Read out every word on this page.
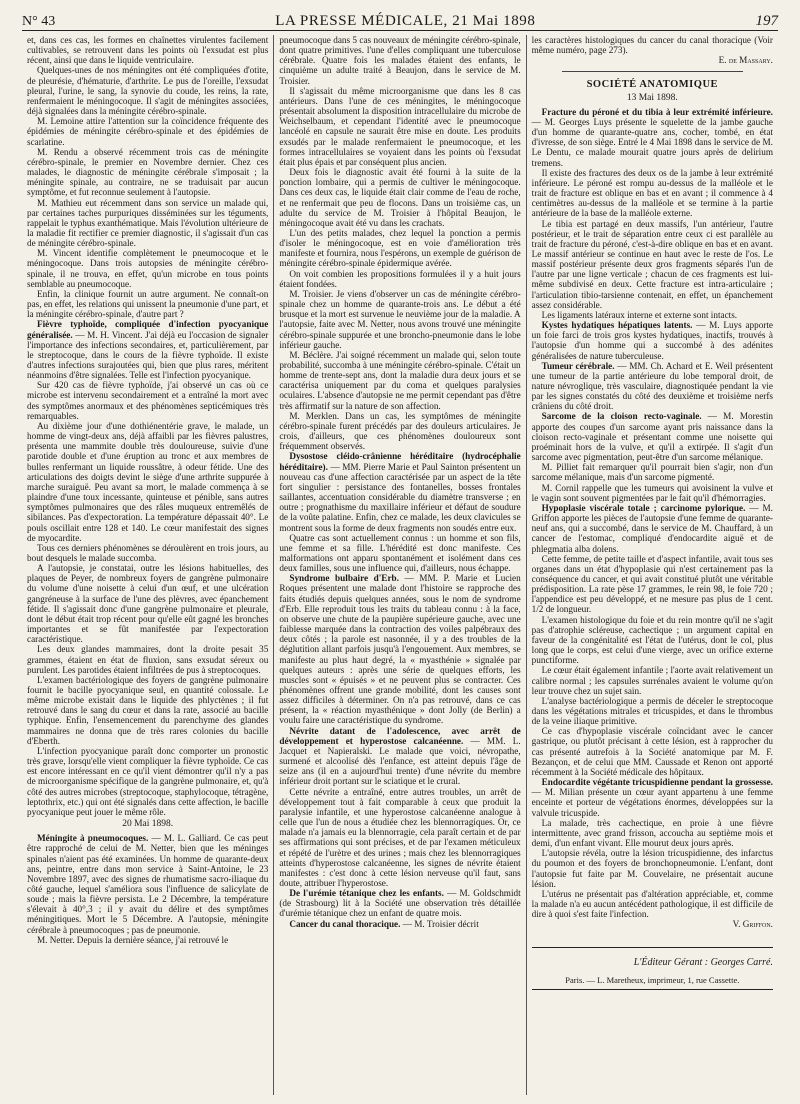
N° 43	LA PRESSE MÉDICALE, 21 Mai 1898	197

et, dans ces cas, les formes en chaînettes virulentes facilement cultivables, se retrouvent dans les points où l'exsudat est plus récent, ainsi que dans le liquide ventriculaire.

Quelques-unes de nos méningites ont été compliquées d'otite, de pleurésie, d'hématurie, d'arthrite. Le pus de l'oreille, l'exsudat pleural, l'urine, le sang, la synovie du coude, les reins, la rate, renfermaient le méningocoque. Il s'agit de méningites associées, déjà signalées dans la méningite cérébro-spinale.

M. Lemoine attire l'attention sur la coïncidence fréquente des épidémies de méningite cérébro-spinale et des épidémies de scarlatine.

M. Rendu a observé récemment trois cas de méningite cérébro-spinale, le premier en Novembre dernier. Chez ces malades, le diagnostic de méningite cérébrale s'imposait ; la méningite spinale, au contraire, ne se traduisait par aucun symptôme, et fut reconnue seulement à l'autopsie.

M. Mathieu eut récemment dans son service un malade qui, par certaines taches purpuriques disséminées sur les téguments, rappelait le typhus exanthématique. Mais l'évolution ultérieure de la maladie fit rectifier ce premier diagnostic, il s'agissait d'un cas de méningite cérébro-spinale.

M. Vincent identifie complètement le pneumocoque et le méningocoque. Dans trois autopsies de méningite cérébro-spinale, il ne trouva, en effet, qu'un microbe en tous points semblable au pneumocoque.

Enfin, la clinique fournit un autre argument. Ne connaît-on pas, en effet, les relations qui unissent la pneumonie d'une part, et la méningite cérébro-spinale, d'autre part ?

Fièvre typhoïde, compliquée d'infection pyocyanique généralisée. — M. H. Vincent. J'ai déjà eu l'occasion de signaler l'importance des infections secondaires, et, particulièrement, par le streptocoque, dans le cours de la fièvre typhoïde. Il existe d'autres infections surajoutées qui, bien que plus rares, méritent néanmoins d'être signalées. Telle est l'infection pyocyanique.

Sur 420 cas de fièvre typhoïde, j'ai observé un cas où ce microbe est intervenu secondairement et a entraîné la mort avec des symptômes anormaux et des phénomènes septicémiques très remarquables.

Au dixième jour d'une dothiénentérie grave, le malade, un homme de vingt-deux ans, déjà affaibli par les fièvres palustres, présenta une mammite double très douloureuse, suivie d'une parotide double et d'une éruption au tronc et aux membres de bulles renfermant un liquide roussâtre, à odeur fétide. Une des articulations des doigts devint le siège d'une arthrite suppurée à marche suraiguë. Peu avant sa mort, le malade commença à se plaindre d'une toux incessante, quinteuse et pénible, sans autres symptômes pulmonaires que des râles muqueux entremêlés de sibilances. Pas d'expectoration. La température dépassait 40°. Le pouls oscillait entre 128 et 140. Le cœur manifestait des signes de myocardite.

Tous ces derniers phénomènes se déroulèrent en trois jours, au bout desquels le malade succomba.

A l'autopsie, je constatai, outre les lésions habituelles, des plaques de Peyer, de nombreux foyers de gangrène pulmonaire du volume d'une noisette à celui d'un œuf, et une ulcération gangréneuse à la surface de l'une des plèvres, avec épanchement fétide. Il s'agissait donc d'une gangrène pulmonaire et pleurale, dont le début était trop récent pour qu'elle eût gagné les bronches importantes et se fût manifestée par l'expectoration caractéristique.

Les deux glandes mammaires, dont la droite pesait 35 grammes, étaient en état de fluxion, sans exsudat séreux ou purulent. Les parotides étaient infiltrées de pus à streptocoques.

L'examen bactériologique des foyers de gangrène pulmonaire fournit le bacille pyocyanique seul, en quantité colossale. Le même microbe existait dans le liquide des phlyctènes ; il fut retrouvé dans le sang du cœur et dans la rate, associé au bacille typhique. Enfin, l'ensemencement du parenchyme des glandes mammaires ne donna que de très rares colonies du bacille d'Eberth.

L'infection pyocyanique paraît donc comporter un pronostic très grave, lorsqu'elle vient compliquer la fièvre typhoïde. Ce cas est encore intéressant en ce qu'il vient démontrer qu'il n'y a pas de microorganisme spécifique de la gangrène pulmonaire, et, qu'à côté des autres microbes (streptocoque, staphylocoque, tétragène, leptothrix, etc.) qui ont été signalés dans cette affection, le bacille pyocyanique peut jouer le même rôle.

20 Mai 1898.

Méningite à pneumocoques. — M. L. Galliard. Ce cas peut être rapproché de celui de M. Netter, bien que les méninges spinales n'aient pas été examinées. Un homme de quarante-deux ans, peintre, entre dans mon service à Saint-Antoine, le 23 Novembre 1897, avec des signes de rhumatisme sacro-iliaque du côté gauche, lequel s'améliora sous l'influence de salicylate de soude ; mais la fièvre persista. Le 2 Décembre, la température s'élevait à 40°,3 ; il y avait du délire et des symptômes méningitiques. Mort le 5 Décembre. A l'autopsie, méningite cérébrale à pneumocoques ; pas de pneumonie.

M. Netter. Depuis la dernière séance, j'ai retrouvé le

pneumocoque dans 5 cas nouveaux de méningite cérébro-spinale, dont quatre primitives. l'une d'elles compliquant une tuberculose cérébrale. Quatre fois les malades étaient des enfants, le cinquième un adulte traité à Beaujon, dans le service de M. Troisier.

Il s'agissait du même microorganisme que dans les 8 cas antérieurs. Dans l'une de ces méningites, le méningocoque présentait absolument la disposition intracellulaire du microbe de Weichselbaum, et cependant l'identité avec le pneumocoque lancéolé en capsule ne saurait être mise en doute. Les produits exsudés par le malade renfermaient le pneumocoque, et les formes intracellulaires se voyaient dans les points où l'exsudat était plus épais et par conséquent plus ancien.

Deux fois le diagnostic avait été fourni à la suite de la ponction lombaire, qui a permis de cultiver le méningocoque. Dans ces deux cas, le liquide était clair comme de l'eau de roche, et ne renfermait que peu de flocons. Dans un troisième cas, un adulte du service de M. Troisier à l'hôpital Beaujon, le méningocoque avait été vu dans les crachats.

L'un des petits malades, chez lequel la ponction a permis d'isoler le méningocoque, est en voie d'amélioration très manifeste et fournira, nous l'espérons, un exemple de guérison de méningite cérébro-spinale épidermique avérée.

On voit combien les propositions formulées il y a huit jours étaient fondées.

M. Troisier. Je viens d'observer un cas de méningite cérébro-spinale chez un homme de quarante-trois ans. Le début a été brusque et la mort est survenue le neuvième jour de la maladie. A l'autopsie, faite avec M. Netter, nous avons trouvé une méningite cérébro-spinale suppurée et une broncho-pneumonie dans le lobe inférieur gauche.

M. Béclère. J'ai soigné récemment un malade qui, selon toute probabilité, succomba à une méningite cérébro-spinale. C'était un homme de trente-sept ans, dont la maladie dura deux jours et se caractérisa uniquement par du coma et quelques paralysies oculaires. L'absence d'autopsie ne me permit cependant pas d'être très affirmatif sur la nature de son affection.

M. Merklen. Dans un cas, les symptômes de méningite cérébro-spinale furent précédés par des douleurs articulaires. Je crois, d'ailleurs, que ces phénomènes douloureux sont fréquemment observés.

Dysostose cléido-crânienne héréditaire (hydrocéphalie héréditaire). — MM. Pierre Marie et Paul Sainton présentent un nouveau cas d'une affection caractérisée par un aspect de la tête fort singulier : persistance des fontanelles, bosses frontales saillantes, accentuation considérable du diamètre transverse ; en outre ; prognathisme du maxillaire inférieur et défaut de soudure de la voûte palatine. Enfin, chez ce malade, les deux clavicules se montrent sous la forme de deux fragments non soudés entre eux.

Quatre cas sont actuellement connus : un homme et son fils, une femme et sa fille. L'hérédité est donc manifeste. Ces malformations ont apparu spontanément et isolément dans ces deux familles, sous une influence qui, d'ailleurs, nous échappe.

Syndrome bulbaire d'Erb. — MM. P. Marie et Lucien Roques présentent une malade dont l'histoire se rapproche des faits étudiés depuis quelques années, sous le nom de syndrome d'Erb. Elle reproduit tous les traits du tableau connu : à la face, on observe une chute de la paupière supérieure gauche, avec une faiblesse marquée dans la contraction des voiles palpébraux des deux côtés ; la parole est nasonnée, il y a des troubles de la déglutition allant parfois jusqu'à l'engouement. Aux membres, se manifeste au plus haut degré, la « myasthénie » signalée par quelques auteurs : après une série de quelques efforts, les muscles sont « épuisés » et ne peuvent plus se contracter. Ces phénomènes offrent une grande mobilité, dont les causes sont assez difficiles à déterminer. On n'a pas retrouvé, dans ce cas présent, la « réaction myasthénique » dont Jolly (de Berlin) a voulu faire une caractéristique du syndrome.

Névrite datant de l'adolescence, avec arrêt de développement et hyperostose calcanéenne. — MM. L. Jacquet et Napieralski. Le malade que voici, névropathe, surmené et alcoolisé dès l'enfance, est atteint depuis l'âge de seize ans (il en a aujourd'hui trente) d'une névrite du membre inférieur droit portant sur le sciatique et le crural.

Cette névrite a entraîné, entre autres troubles, un arrêt de développement tout à fait comparable à ceux que produit la paralysie infantile, et une hyperostose calcanéenne analogue à celle que l'un de nous a étudiée chez les blennorragiques. Or, ce malade n'a jamais eu la blennorragie, cela paraît certain et de par ses affirmations qui sont précises, et de par l'examen méticuleux et répété de l'urètre et des urines ; mais chez les blennorragiques atteints d'hyperostose calcanéenne, les signes de névrite étaient manifestes : c'est donc à cette lésion nerveuse qu'il faut, sans doute, attribuer l'hyperostose.

De l'urémie tétanique chez les enfants. — M. Goldschmidt (de Strasbourg) lit à la Société une observation très détaillée d'urémie tétanique chez un enfant de quatre mois.

Cancer du canal thoracique. — M. Troisier décrit

les caractères histologiques du cancer du canal thoracique (Voir même numéro, page 273).

E. de Massary.

SOCIÉTÉ ANATOMIQUE
13 Mai 1898.

Fracture du péroné et du tibia à leur extrémité inférieure. — M. Georges Luys présente le squelette de la jambe gauche d'un homme de quarante-quatre ans, cocher, tombé, en état d'ivresse, de son siège. Entré le 4 Mai 1898 dans le service de M. Le Dentu, ce malade mourait quatre jours après de delirium tremens.

Il existe des fractures des deux os de la jambe à leur extrémité inférieure. Le péroné est rompu au-dessus de la malléole et le trait de fracture est oblique en bas et en avant ; il commence à 4 centimètres au-dessus de la malléole et se termine à la partie antérieure de la base de la malléole externe.

Le tibia est partagé en deux massifs, l'un antérieur, l'autre postérieur, et le trait de séparation entre ceux ci est parallèle au trait de fracture du péroné, c'est-à-dire oblique en bas et en avant. Le massif antérieur se continue en haut avec le reste de l'os. Le massif postérieur présente deux gros fragments séparés l'un de l'autre par une ligne verticale ; chacun de ces fragments est lui-même subdivisé en deux. Cette fracture est intra-articulaire ; l'articulation tibio-tarsienne contenait, en effet, un épanchement assez considérable.

Les ligaments latéraux interne et externe sont intacts.

Kystes hydatiques hépatiques latents. — M. Luys apporte un foie farci de trois gros kystes hydatiques, inactifs, trouvés à l'autopsie d'un homme qui a succombé à des adénites généralisées de nature tuberculeuse.

Tumeur cérébrale. — MM. Ch. Achard et E. Weil présentent une tumeur de la partie antérieure du lobe temporal droit, de nature névroglique, très vasculaire, diagnostiquée pendant la vie par les signes constatés du côté des deuxième et troisième nerfs crâniens du côté droit.

Sarcome de la cloison recto-vaginale. — M. Morestin apporte des coupes d'un sarcome ayant pris naissance dans la cloison recto-vaginale et présentant comme une noisette qui proéminait hors de la vulve, et qu'il a extirpée. Il s'agit d'un sarcome avec pigmentation, peut-être d'un sarcome mélanique.

M. Pilliet fait remarquer qu'il pourrait bien s'agir, non d'un sarcome mélanique, mais d'un sarcome pigmenté.

M. Cornil rappelle que les tumeurs qui avoisinent la vulve et le vagin sont souvent pigmentées par le fait qu'il d'hémorragies.

Hypoplasie viscérale totale ; carcinome pylorique. — M. Griffon apporte les pièces de l'autopsie d'une femme de quarante-neuf ans, qui a succombé, dans le service de M. Chauffard, à un cancer de l'estomac, compliqué d'endocardite aiguë et de phlegmatia alba dolens.

Cette femme, de petite taille et d'aspect infantile, avait tous ses organes dans un état d'hypoplasie qui n'est certainement pas la conséquence du cancer, et qui avait constitué plutôt une véritable prédisposition. La rate pèse 17 grammes, le rein 98, le foie 720 ; l'appendice est peu développé, et ne mesure pas plus de 1 cent. 1/2 de longueur.

L'examen histologique du foie et du rein montre qu'il ne s'agit pas d'atrophie scléreuse, cachectique ; un argument capital en faveur de la congénitalité est l'état de l'utérus, dont le col, plus long que le corps, est celui d'une vierge, avec un orifice externe punctiforme.

Le cœur était également infantile ; l'aorte avait relativement un calibre normal ; les capsules surrénales avaient le volume qu'on leur trouve chez un sujet sain.

L'analyse bactériologique a permis de déceler le streptocoque dans les végétations mitrales et tricuspides, et dans le thrombus de la veine iliaque primitive.

Ce cas d'hypoplasie viscérale coïncidant avec le cancer gastrique, ou plutôt précisant à cette lésion, est à rapprocher du cas présenté autrefois à la Société anatomique par M. F. Bezançon, et de celui que MM. Caussade et Renon ont apporté récemment à la Société médicale des hôpitaux.

Endocardite végétante tricuspidienne pendant la grossesse. — M. Milian présente un cœur ayant appartenu à une femme enceinte et porteur de végétations énormes, développées sur la valvule tricuspide.

La malade, très cachectique, en proie à une fièvre intermittente, avec grand frisson, accoucha au septième mois et demi, d'un enfant vivant. Elle mourut deux jours après.

L'autopsie révéla, outre la lésion tricuspidienne, des infarctus du poumon et des foyers de bronchopneumonie. L'enfant, dont l'autopsie fut faite par M. Couvelaire, ne présentait aucune lésion.

L'utérus ne présentait pas d'altération appréciable, et, comme la malade n'a eu aucun antécédent pathologique, il est difficile de dire à quoi s'est faite l'infection.

V. Griffon.

L'Éditeur Gérant : Georges Carré.
Paris. — L. Maretheux, imprimeur, 1, rue Cassette.
